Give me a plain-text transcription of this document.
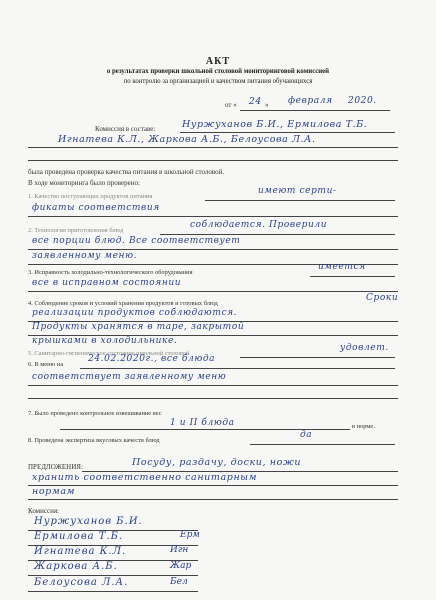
АКТ
о результатах проверки школьной столовой мониторинговой комиссией
по контролю за организацией и качеством питания обучающихся
от « 24 » февраля 2020.
Комиссия в составе:	Нуржуханов Б.И., Ермилова Т.Б.
Игнатева К.Л., Жаркова А.Б., Белоусова Л.А.
была проведена проверка качества питания в школьной столовой.
В ходе мониторинга было проверено:
1. Качество поступающих продуктов питания
имеют серти-
фикаты соответствия
2. Технология приготовления блюд
соблюдается. Проверили
все порции блюд. Все соответствует
заявленному меню.
3. Исправность холодильно-технологического оборудования
имеется
все в исправном состоянии
4. Соблюдение сроков и условий хранения продуктов и готовых блюд
Сроки
реализации продуктов соблюдаются.
Продукты хранятся в таре, закрытой
крышками в холодильнике.
5. Санитарно-гигиеническое состояние школьной столовой
удовлет.
6. В меню на
24.02.2020г., все блюда
соответствует заявленному меню
7. Было проведено контрольное взвешивание вес
1 и II блюда	в норме.
8. Проведена экспертиза вкусовых качеств блюд
да
ПРЕДЛОЖЕНИЯ:	Посуду, раздачу, доски, ножи
хранить соответственно санитарным
нормам
Комиссия:
Нуржуханов Б.И.
Ермилова Т.Б.	Ерм
Игнатева К.Л.	Игн
Жаркова А.Б.	Жар
Белоусова Л.А.	Бел
